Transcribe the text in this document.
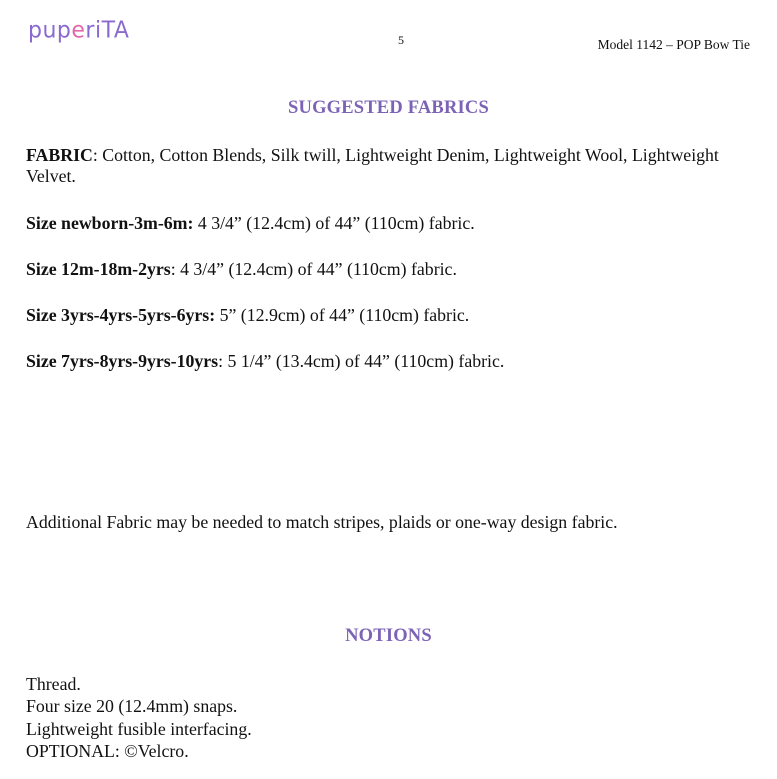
puperiTA	5	Model 1142 – POP Bow Tie
SUGGESTED FABRICS

FABRIC: Cotton, Cotton Blends, Silk twill, Lightweight Denim, Lightweight Wool, Lightweight Velvet.

Size newborn-3m-6m: 4 3/4” (12.4cm) of 44” (110cm) fabric.

Size 12m-18m-2yrs: 4 3/4” (12.4cm) of 44” (110cm) fabric.

Size 3yrs-4yrs-5yrs-6yrs: 5” (12.9cm) of 44” (110cm) fabric.

Size 7yrs-8yrs-9yrs-10yrs: 5 1/4” (13.4cm) of 44” (110cm) fabric.

Additional Fabric may be needed to match stripes, plaids or one-way design fabric.

NOTIONS
Thread.
Four size 20 (12.4mm) snaps.
Lightweight fusible interfacing.
OPTIONAL: ©Velcro.
